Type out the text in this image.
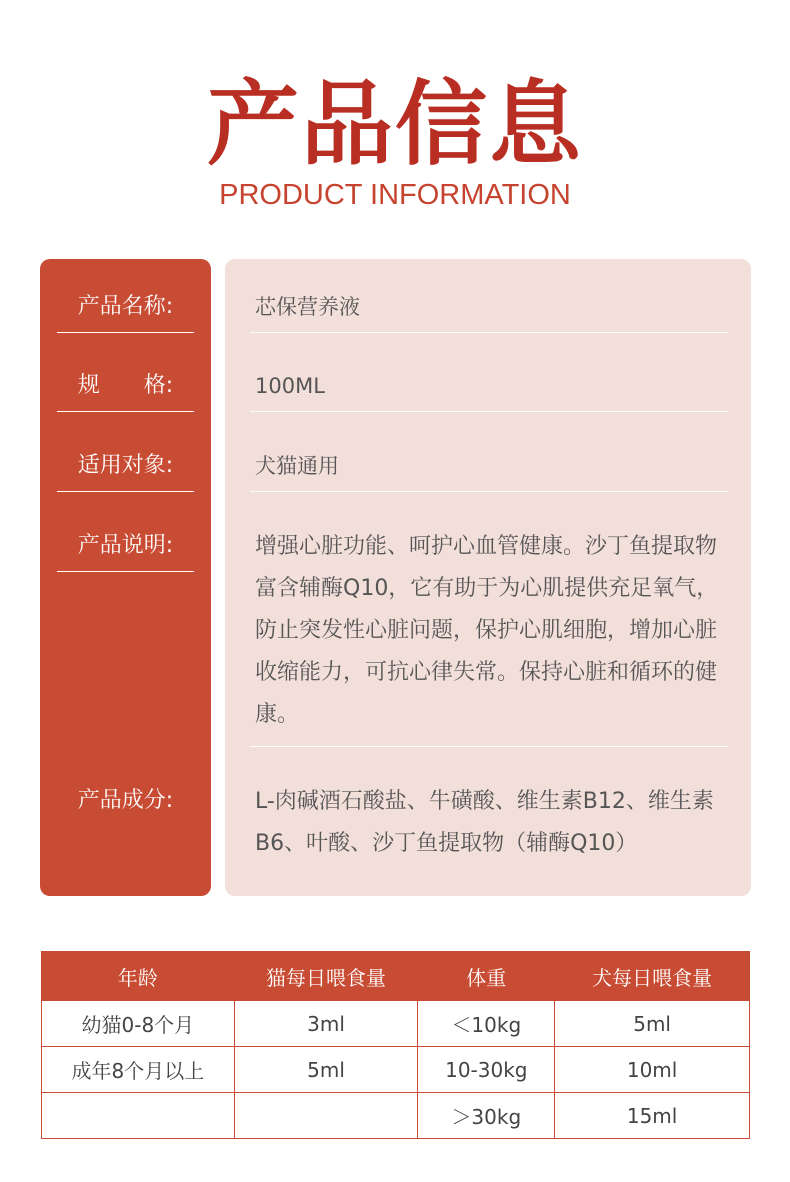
产品信息
PRODUCT INFORMATION
产品名称:	芯保营养液
规　　格:	100ML
适用对象:	犬猫通用
产品说明:	增强心脏功能、呵护心血管健康。沙丁鱼提取物富含辅酶Q10，它有助于为心肌提供充足氧气，防止突发性心脏问题，保护心肌细胞，增加心脏收缩能力，可抗心律失常。保持心脏和循环的健康。
产品成分:	L-肉碱酒石酸盐、牛磺酸、维生素B12、维生素B6、叶酸、沙丁鱼提取物（辅酶Q10）
年龄	猫每日喂食量	体重	犬每日喂食量
幼猫0-8个月	3ml	＜10kg	5ml
成年8个月以上	5ml	10-30kg	10ml
		＞30kg	15ml
